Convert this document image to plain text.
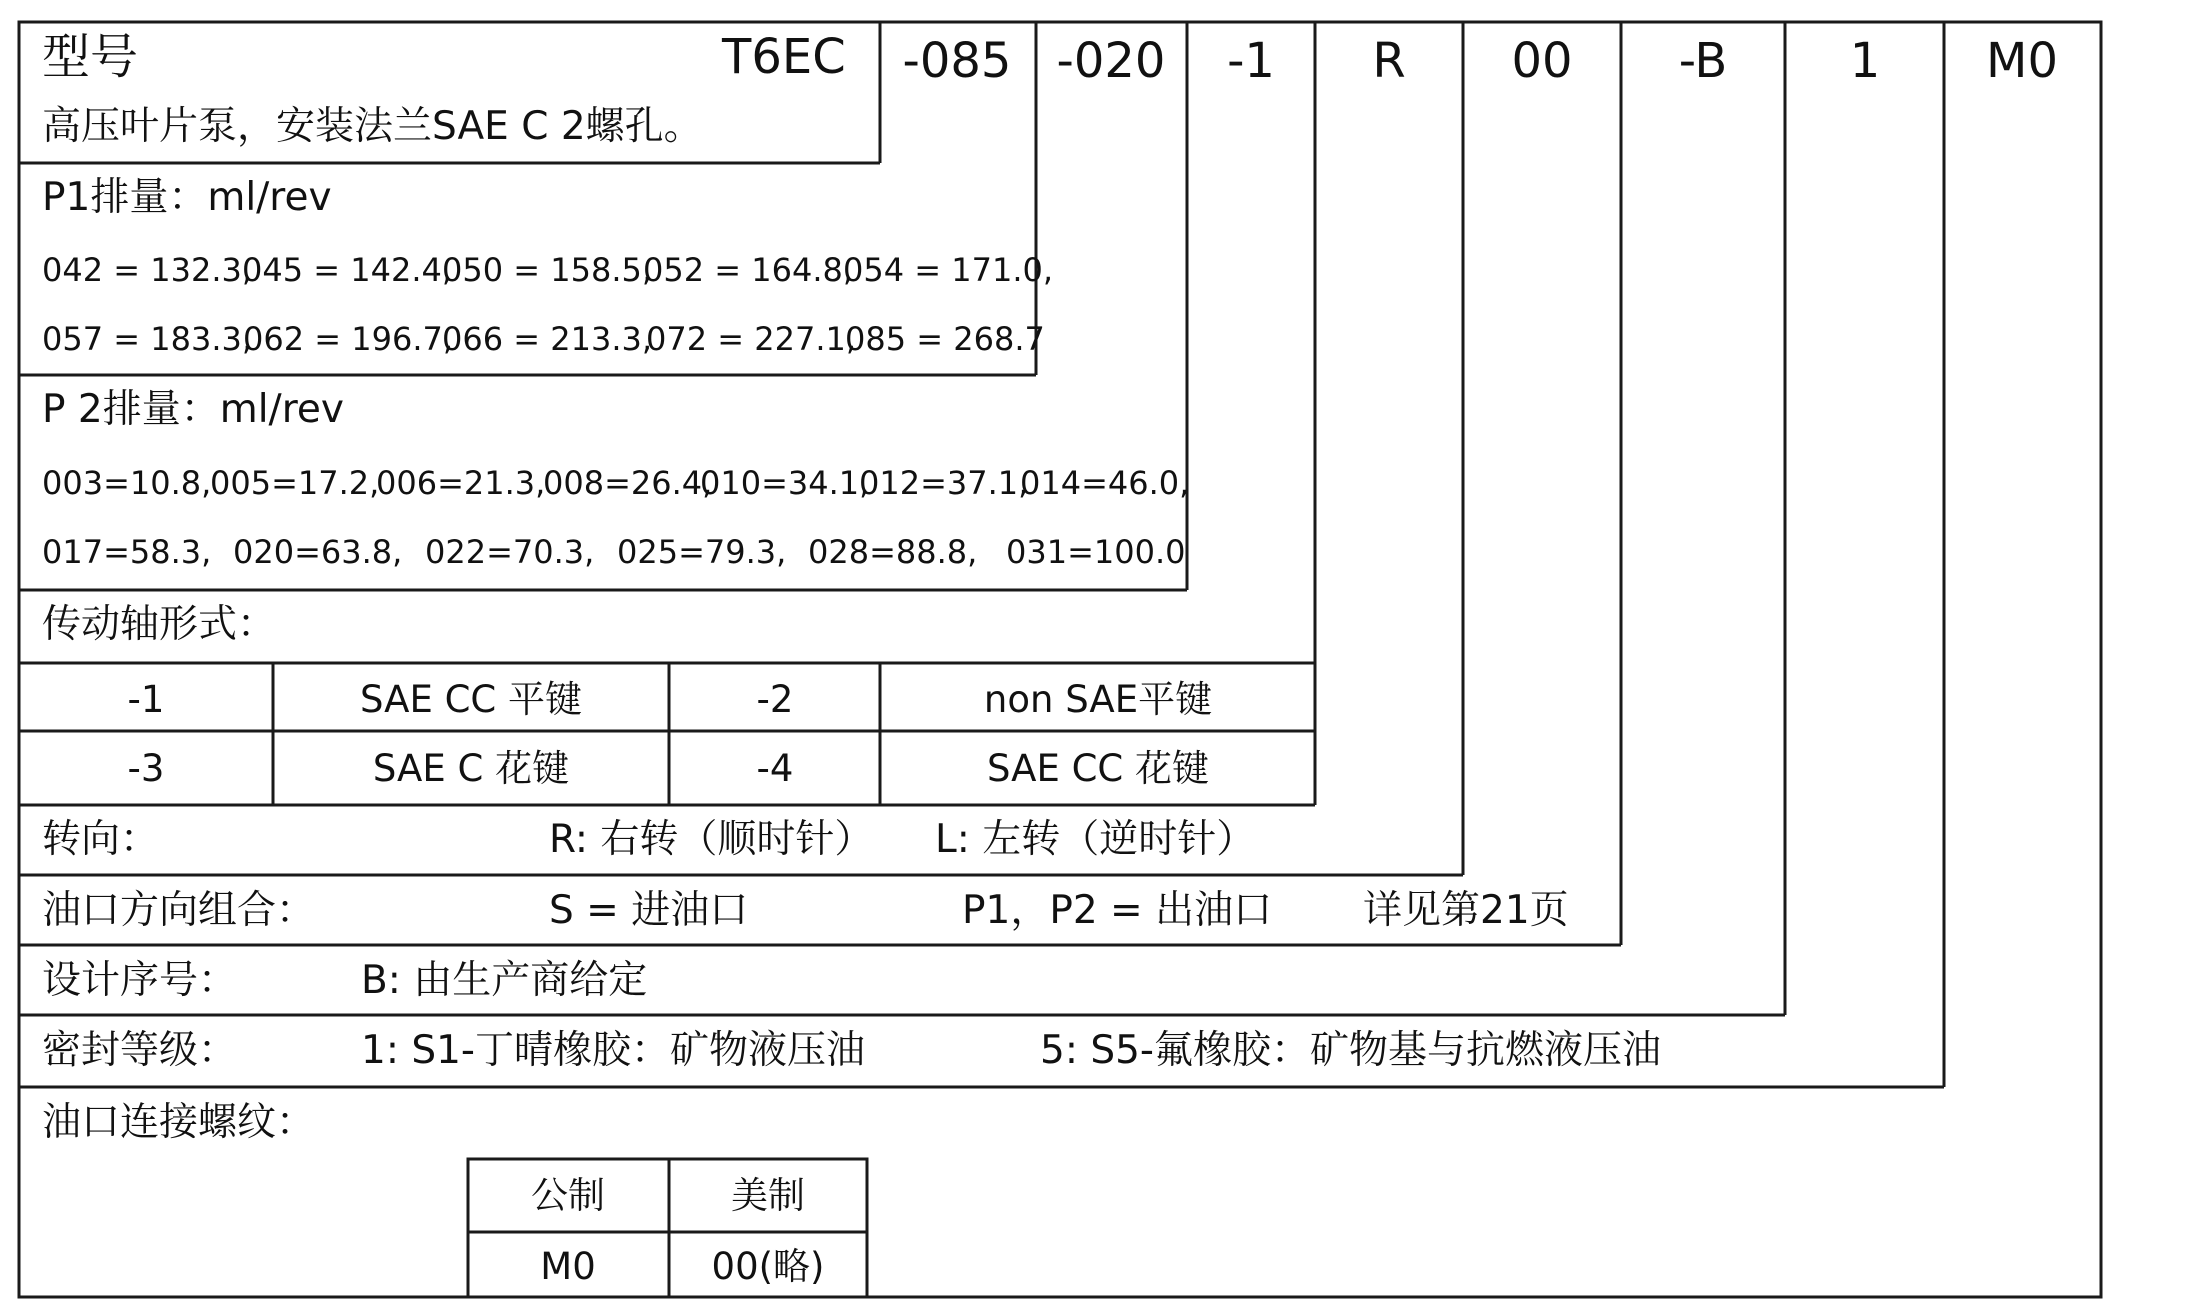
型号	T6EC
高压叶片泵，安装法兰SAE C 2螺孔。
-085 -020 -1 R 00 -B	1 M0
P1排量：ml/rev
042 = 132.3,
045 = 142.4,
050 = 158.5,
052 = 164.8,
054 = 171.0,
057 = 183.3,
062 = 196.7,
066 = 213.3,
072 = 227.1,
085 = 268.7
P 2排量：ml/rev
003=10.8,
005=17.2,
006=21.3,
008=26.4,
010=34.1,
012=37.1,
014=46.0,
017=58.3, 020=63.8, 022=70.3, 025=79.3, 028=88.8, 031=100.0
传动轴形式：
-1	SAE CC 平键	-2	non SAE平键
-3	SAE C 花键	-4	SAE CC 花键
转向：	R: 右转（顺时针） L: 左转（逆时针）
油口方向组合：	S = 进油口	P1，P2 = 出油口 详见第21页
设计序号：	B: 由生产商给定
密封等级：	1: S1-丁晴橡胶：矿物液压油	5: S5-氟橡胶：矿物基与抗燃液压油
油口连接螺纹：
公制	美制
M0	00(略)
